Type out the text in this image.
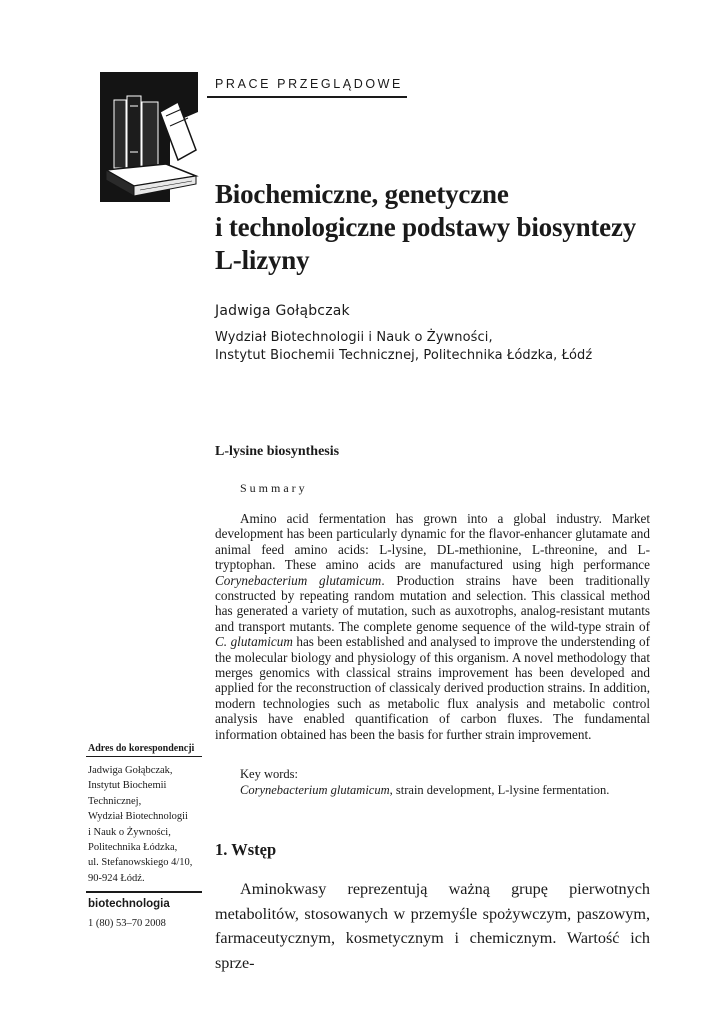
PRACE PRZEGLĄDOWE
Biochemiczne, genetyczne
i technologiczne podstawy biosyntezy
L-lizyny
Jadwiga Gołąbczak
Wydział Biotechnologii i Nauk o Żywności,
Instytut Biochemii Technicznej, Politechnika Łódzka, Łódź
L-lysine biosynthesis
Summary
Amino acid fermentation has grown into a global industry. Market development has been particularly dynamic for the flavor-enhancer glutamate and animal feed amino acids: L-lysine, DL-methionine, L-threonine, and L-tryptophan. These amino acids are manufactured using high performance Corynebacterium glutamicum. Production strains have been traditionally constructed by repeating random mutation and selection. This classical method has generated a variety of mutation, such as auxotrophs, analog-resistant mutants and transport mutants. The complete genome sequence of the wild-type strain of C. glutamicum has been established and analysed to improve the understending of the molecular biology and physiology of this organism. A novel methodology that merges genomics with classical strains improvement has been developed and applied for the reconstruction of classicaly derived production strains. In addition, modern technologies such as metabolic flux analysis and metabolic control analysis have enabled quantification of carbon fluxes. The fundamental information obtained has been the basis for further strain improvement.
Key words:
Corynebacterium glutamicum, strain development, L-lysine fermentation.
Adres do korespondencji
Jadwiga Gołąbczak,
Instytut Biochemii
Technicznej,
Wydział Biotechnologii
i Nauk o Żywności,
Politechnika Łódzka,
ul. Stefanowskiego 4/10,
90-924 Łódź.
biotechnologia
1 (80) 53–70 2008
1. Wstęp
Aminokwasy reprezentują ważną grupę pierwotnych metabolitów, stosowanych w przemyśle spożywczym, paszowym, farmaceutycznym, kosmetycznym i chemicznym. Wartość ich sprze-
